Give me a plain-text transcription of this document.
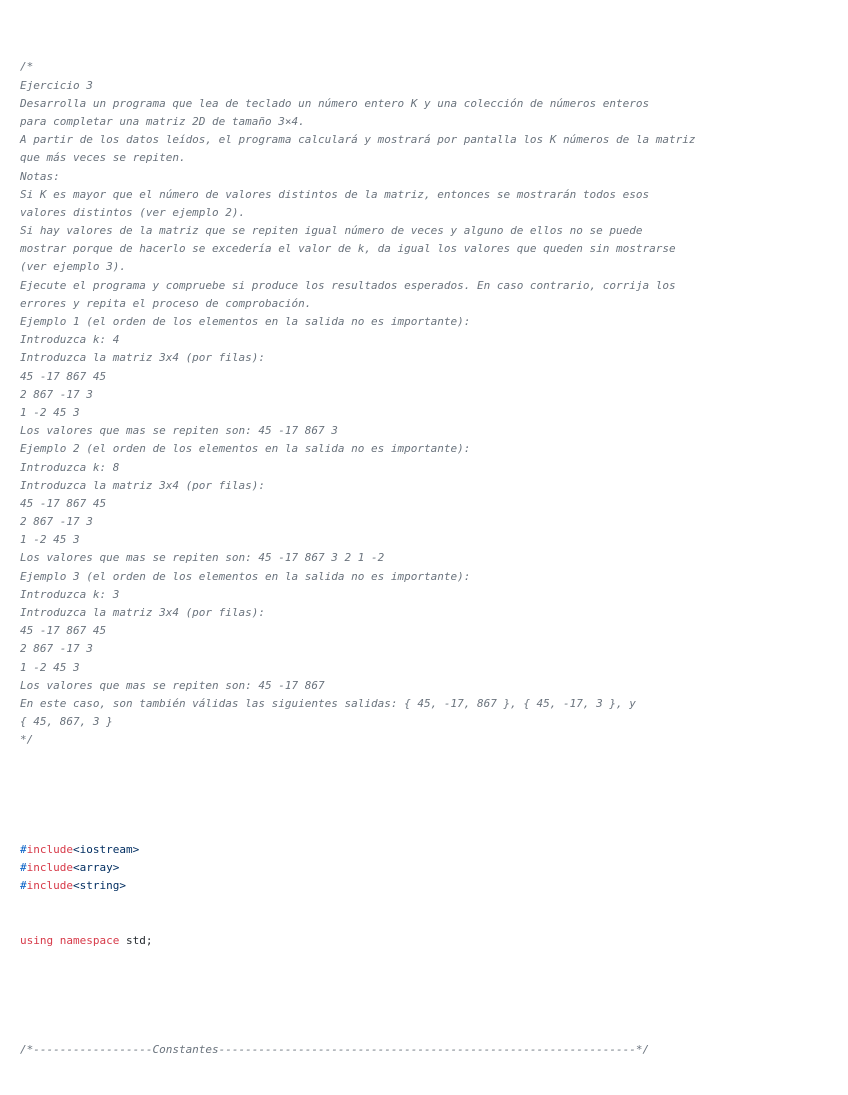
/*
Ejercicio 3
Desarrolla un programa que lea de teclado un número entero K y una colección de números enteros
para completar una matriz 2D de tamaño 3×4.
A partir de los datos leídos, el programa calculará y mostrará por pantalla los K números de la matriz
que más veces se repiten.
Notas:
Si K es mayor que el número de valores distintos de la matriz, entonces se mostrarán todos esos
valores distintos (ver ejemplo 2).
Si hay valores de la matriz que se repiten igual número de veces y alguno de ellos no se puede
mostrar porque de hacerlo se excedería el valor de k, da igual los valores que queden sin mostrarse
(ver ejemplo 3).
Ejecute el programa y compruebe si produce los resultados esperados. En caso contrario, corrija los
errores y repita el proceso de comprobación.
Ejemplo 1 (el orden de los elementos en la salida no es importante):
Introduzca k: 4
Introduzca la matriz 3x4 (por filas):
45 -17 867 45
2 867 -17 3
1 -2 45 3
Los valores que mas se repiten son: 45 -17 867 3
Ejemplo 2 (el orden de los elementos en la salida no es importante):
Introduzca k: 8
Introduzca la matriz 3x4 (por filas):
45 -17 867 45
2 867 -17 3
1 -2 45 3
Los valores que mas se repiten son: 45 -17 867 3 2 1 -2
Ejemplo 3 (el orden de los elementos en la salida no es importante):
Introduzca k: 3
Introduzca la matriz 3x4 (por filas):
45 -17 867 45
2 867 -17 3
1 -2 45 3
Los valores que mas se repiten son: 45 -17 867
En este caso, son también válidas las siguientes salidas: { 45, -17, 867 }, { 45, -17, 3 }, y
{ 45, 867, 3 }
*/

#include<iostream>
#include<array>
#include<string>

using namespace std;

/*------------------Constantes---------------------------------------------------------------*/
